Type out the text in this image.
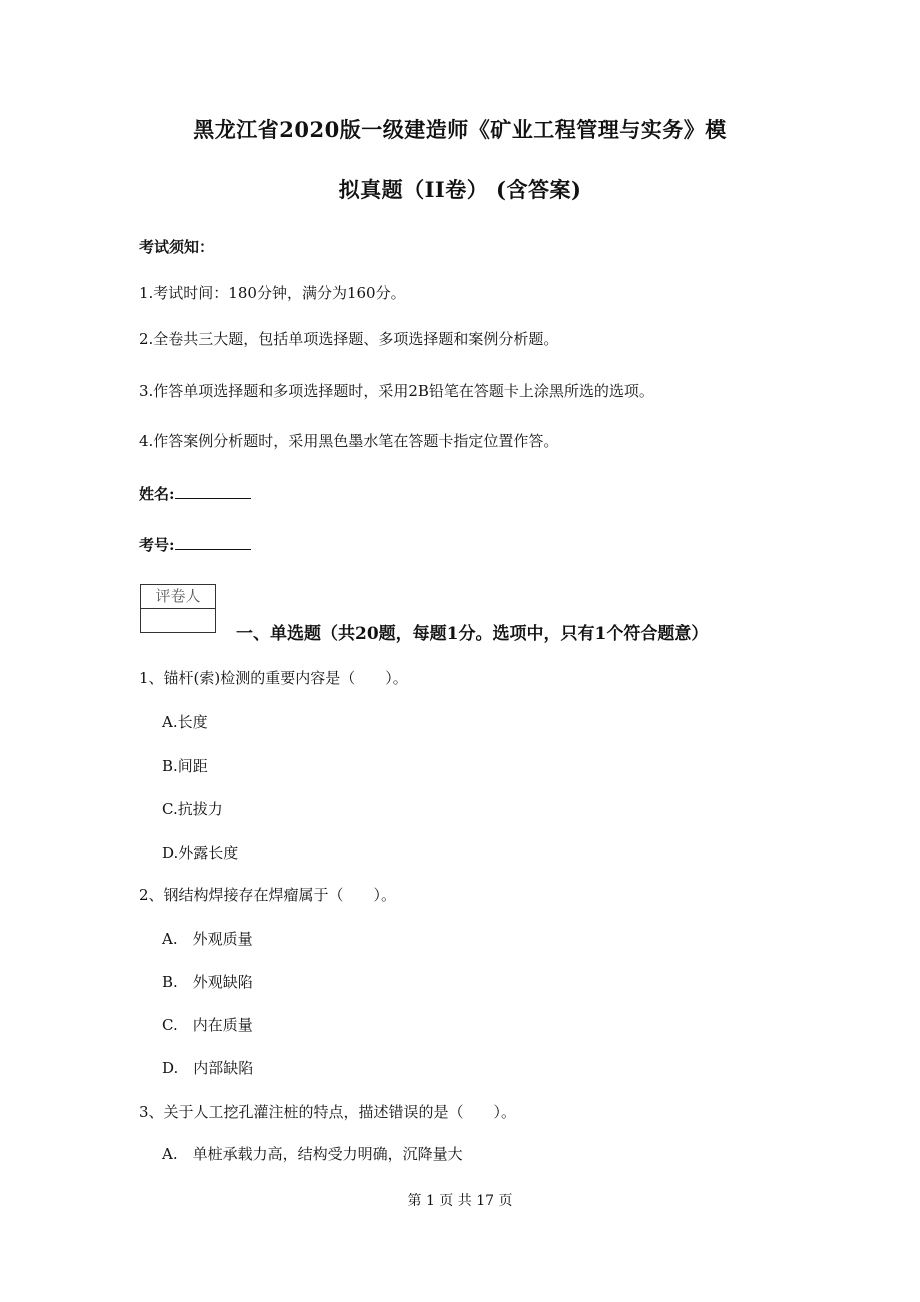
黑龙江省2020版一级建造师《矿业工程管理与实务》模
拟真题（II卷） (含答案)
考试须知：
1.考试时间：180分钟，满分为160分。
2.全卷共三大题，包括单项选择题、多项选择题和案例分析题。
3.作答单项选择题和多项选择题时，采用2B铅笔在答题卡上涂黑所选的选项。
4.作答案例分析题时，采用黑色墨水笔在答题卡指定位置作答。
姓名:
考号:
评卷人
一、单选题（共20题，每题1分。选项中，只有1个符合题意）
1、锚杆(索)检测的重要内容是（　　）。
A.长度
B.间距
C.抗拔力
D.外露长度
2、钢结构焊接存在焊瘤属于（　　）。
A.　外观质量
B.　外观缺陷
C.　内在质量
D.　内部缺陷
3、关于人工挖孔灌注桩的特点，描述错误的是（　　）。
A.　单桩承载力高，结构受力明确，沉降量大
第 1 页 共 17 页
